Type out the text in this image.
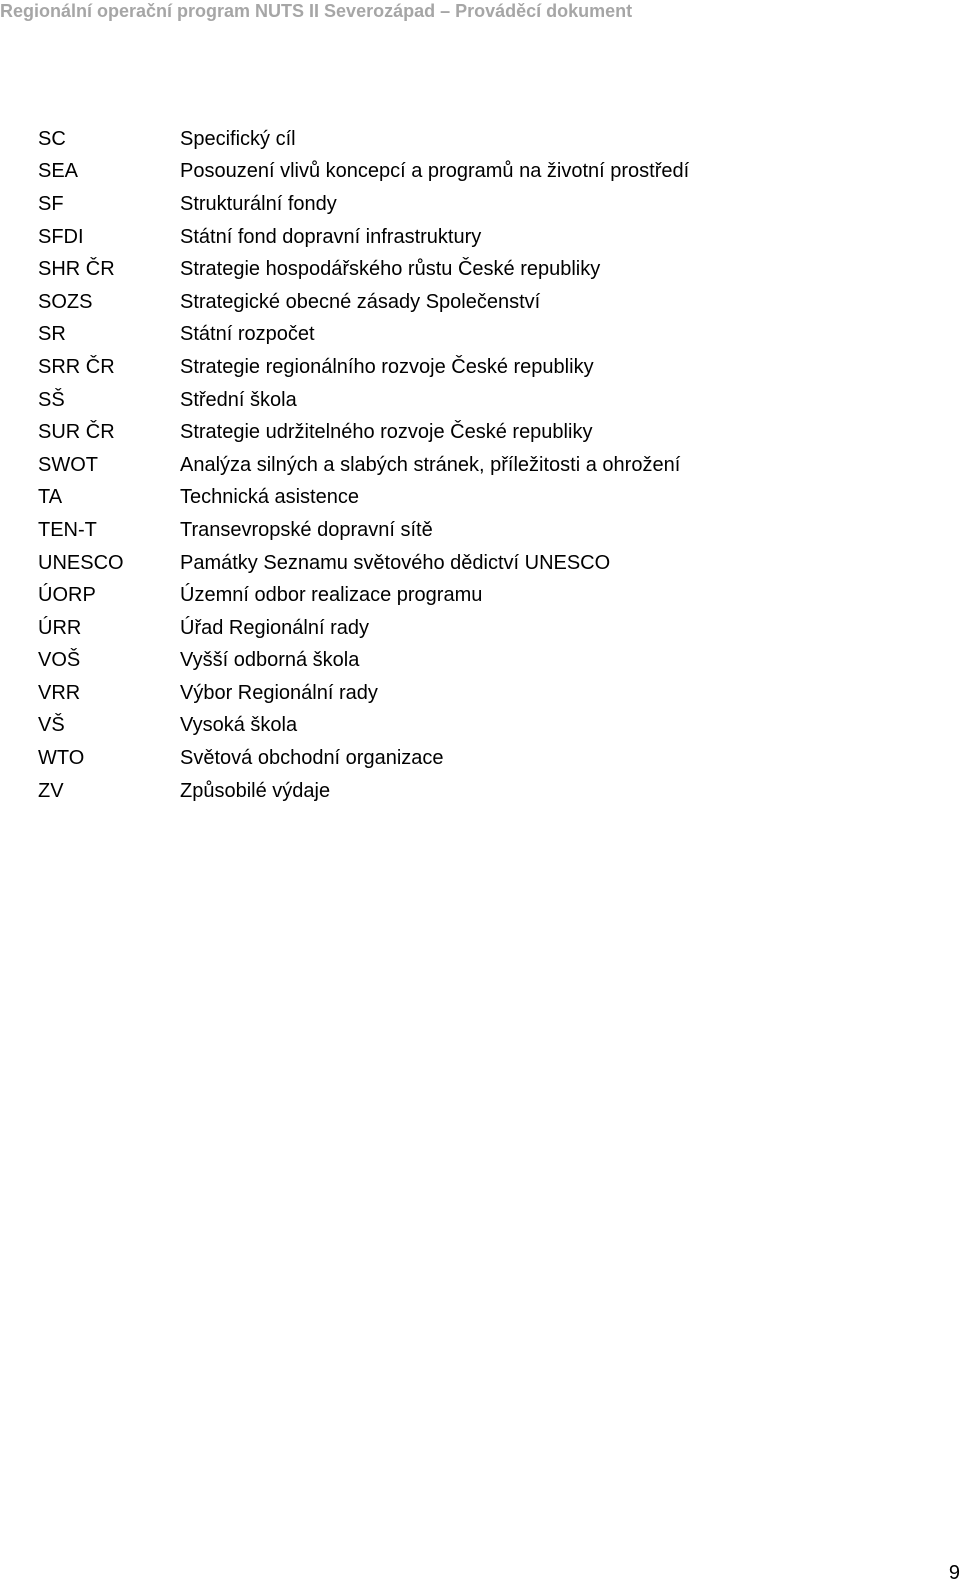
Regionální operační program NUTS II Severozápad – Prováděcí dokument
SC	Specifický cíl
SEA	Posouzení vlivů koncepcí a programů na životní prostředí
SF	Strukturální fondy
SFDI	Státní fond dopravní infrastruktury
SHR ČR	Strategie hospodářského růstu České republiky
SOZS	Strategické obecné zásady Společenství
SR	Státní rozpočet
SRR ČR	Strategie regionálního rozvoje České republiky
SŠ	Střední škola
SUR ČR	Strategie udržitelného rozvoje České republiky
SWOT	Analýza silných a slabých stránek, příležitosti a ohrožení
TA	Technická asistence
TEN-T	Transevropské dopravní sítě
UNESCO	Památky Seznamu světového dědictví UNESCO
ÚORP	Územní odbor realizace programu
ÚRR	Úřad Regionální rady
VOŠ	Vyšší odborná škola
VRR	Výbor Regionální rady
VŠ	Vysoká škola
WTO	Světová obchodní organizace
ZV	Způsobilé výdaje
9
